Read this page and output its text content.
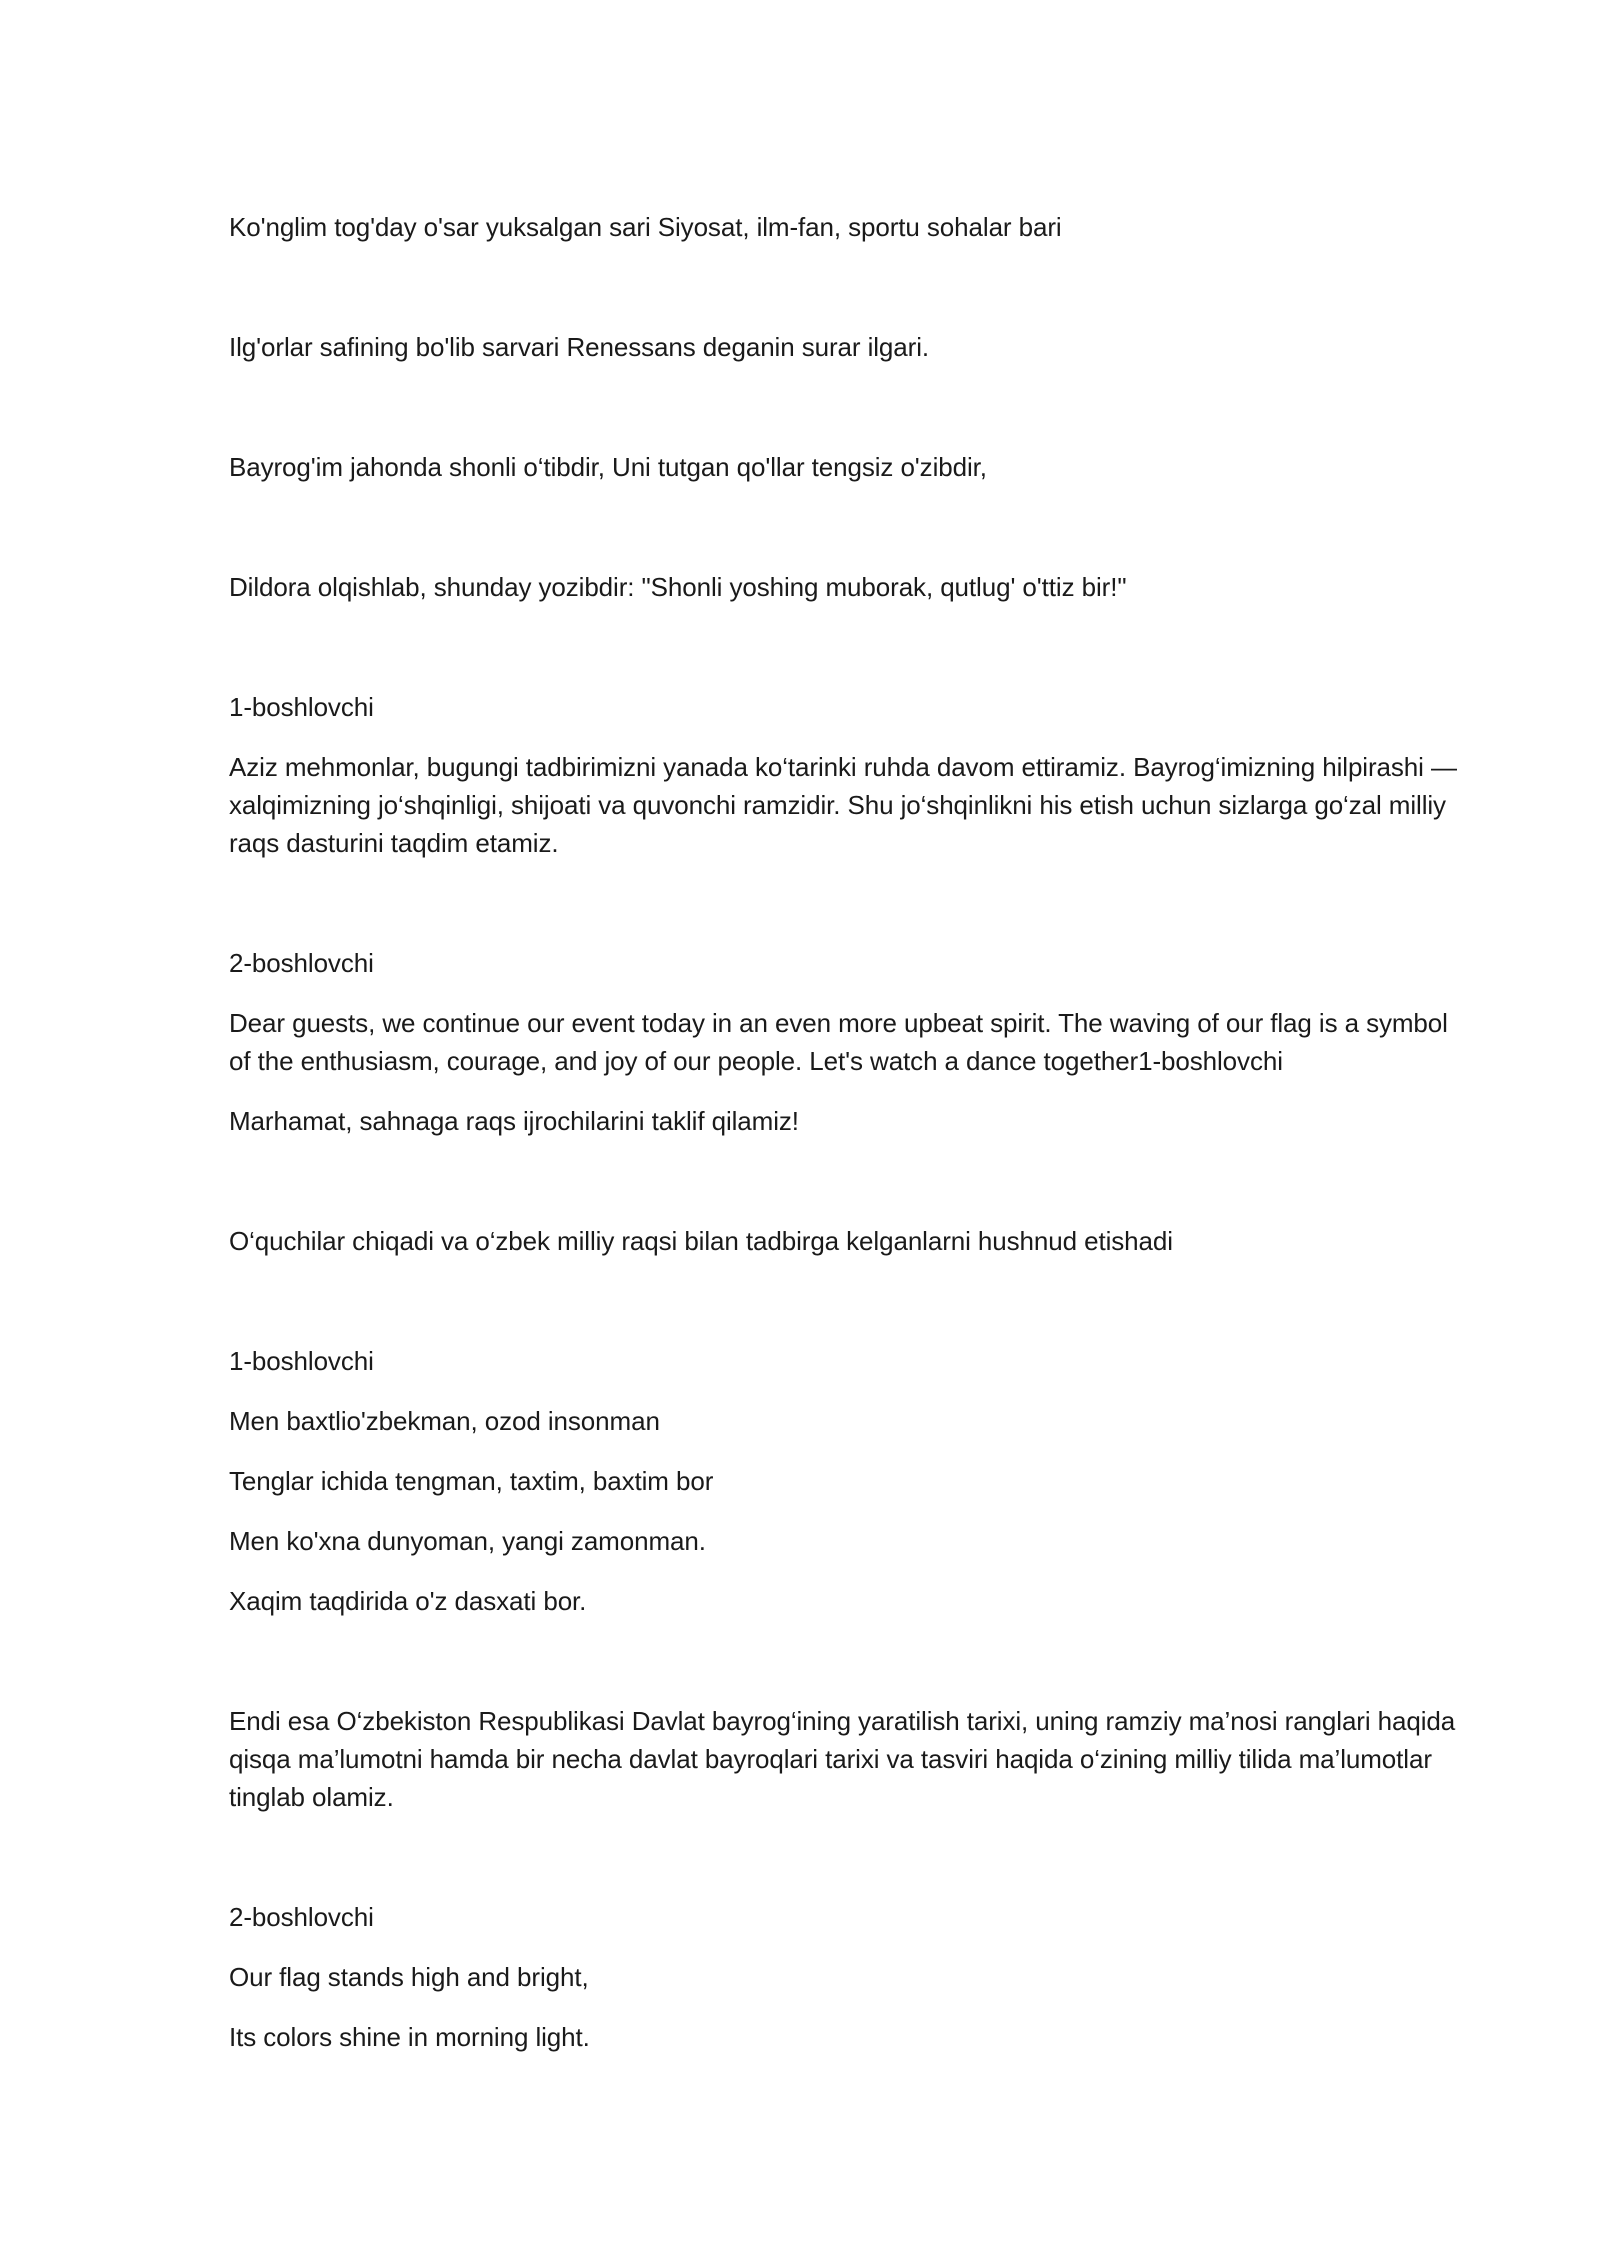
Ko'nglim tog'day o'sar yuksalgan sari Siyosat, ilm-fan, sportu sohalar bari

Ilg'orlar safining bo'lib sarvari Renessans deganin surar ilgari.

Bayrog'im jahonda shonli o‘tibdir, Uni tutgan qo'llar tengsiz o'zibdir,

Dildora olqishlab, shunday yozibdir: "Shonli yoshing muborak, qutlug' o'ttiz bir!"

1-boshlovchi

Aziz mehmonlar, bugungi tadbirimizni yanada ko‘tarinki ruhda davom ettiramiz. Bayrog‘imizning hilpirashi — xalqimizning jo‘shqinligi, shijoati va quvonchi ramzidir. Shu jo‘shqinlikni his etish uchun sizlarga go‘zal milliy raqs dasturini taqdim etamiz.

2-boshlovchi

Dear guests, we continue our event today in an even more upbeat spirit. The waving of our flag is a symbol of the enthusiasm, courage, and joy of our people. Let's watch a dance together1-boshlovchi

Marhamat, sahnaga raqs ijrochilarini taklif qilamiz!

O‘quchilar chiqadi va o‘zbek milliy raqsi bilan tadbirga kelganlarni hushnud etishadi

1-boshlovchi

Men baxtlio'zbekman, ozod insonman

Tenglar ichida tengman, taxtim, baxtim bor

Men ko'xna dunyoman, yangi zamonman.

Xaqim taqdirida o'z dasxati bor.

Endi esa O‘zbekiston Respublikasi Davlat bayrog‘ining yaratilish tarixi, uning ramziy ma’nosi ranglari haqida qisqa ma’lumotni hamda bir necha davlat bayroqlari tarixi va tasviri haqida o‘zining milliy tilida ma’lumotlar tinglab olamiz.

2-boshlovchi

Our flag stands high and bright,

Its colors shine in morning light.
